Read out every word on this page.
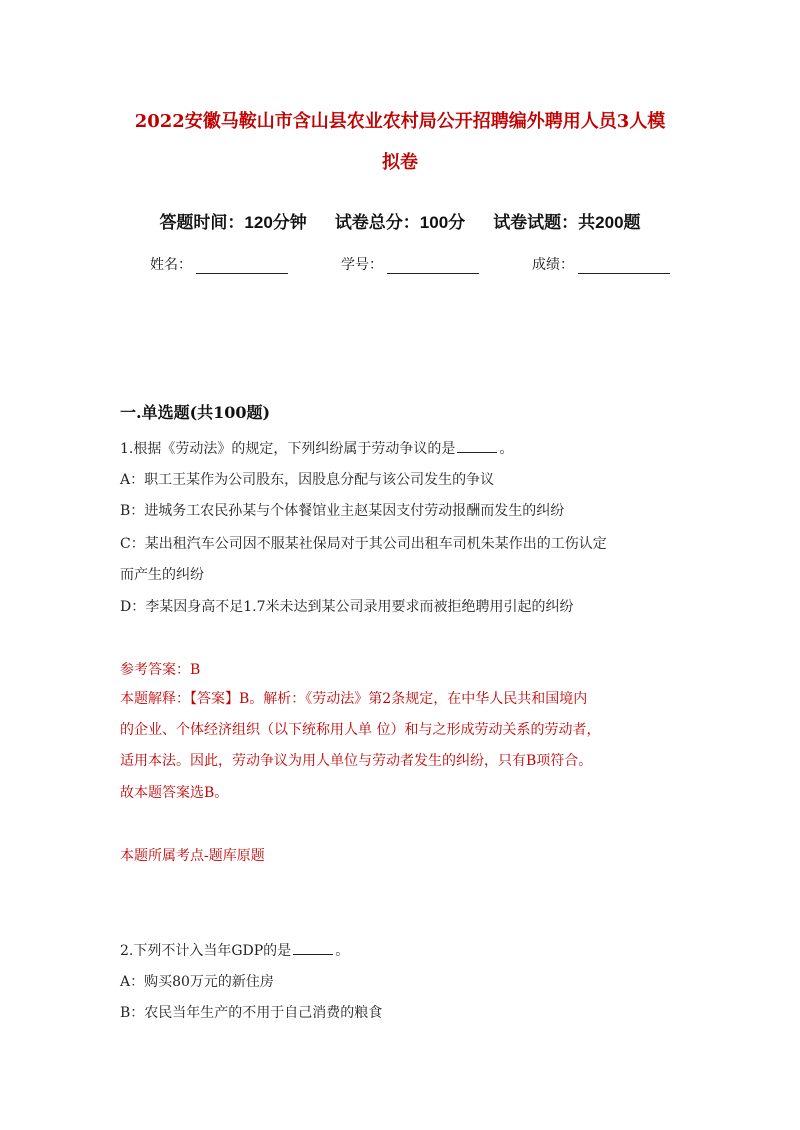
2022安徽马鞍山市含山县农业农村局公开招聘编外聘用人员3人模
拟卷
答题时间：120分钟 试卷总分：100分 试卷试题：共200题
姓名：	学号：	成绩：
一.单选题(共100题)
1.根据《劳动法》的规定，下列纠纷属于劳动争议的是	。
A：职工王某作为公司股东，因股息分配与该公司发生的争议
B：进城务工农民孙某与个体餐馆业主赵某因支付劳动报酬而发生的纠纷
C：某出租汽车公司因不服某社保局对于其公司出租车司机朱某作出的工伤认定
而产生的纠纷
D：李某因身高不足1.7米未达到某公司录用要求而被拒绝聘用引起的纠纷
参考答案：B
本题解释：【答案】B。解析：《劳动法》第2条规定，在中华人民共和国境内
的企业、个体经济组织（以下统称用人单 位）和与之形成劳动关系的劳动者，
适用本法。因此，劳动争议为用人单位与劳动者发生的纠纷，只有B项符合。
故本题答案选B。
本题所属考点-题库原题
2.下列不计入当年GDP的是	。
A：购买80万元的新住房
B：农民当年生产的不用于自己消费的粮食
